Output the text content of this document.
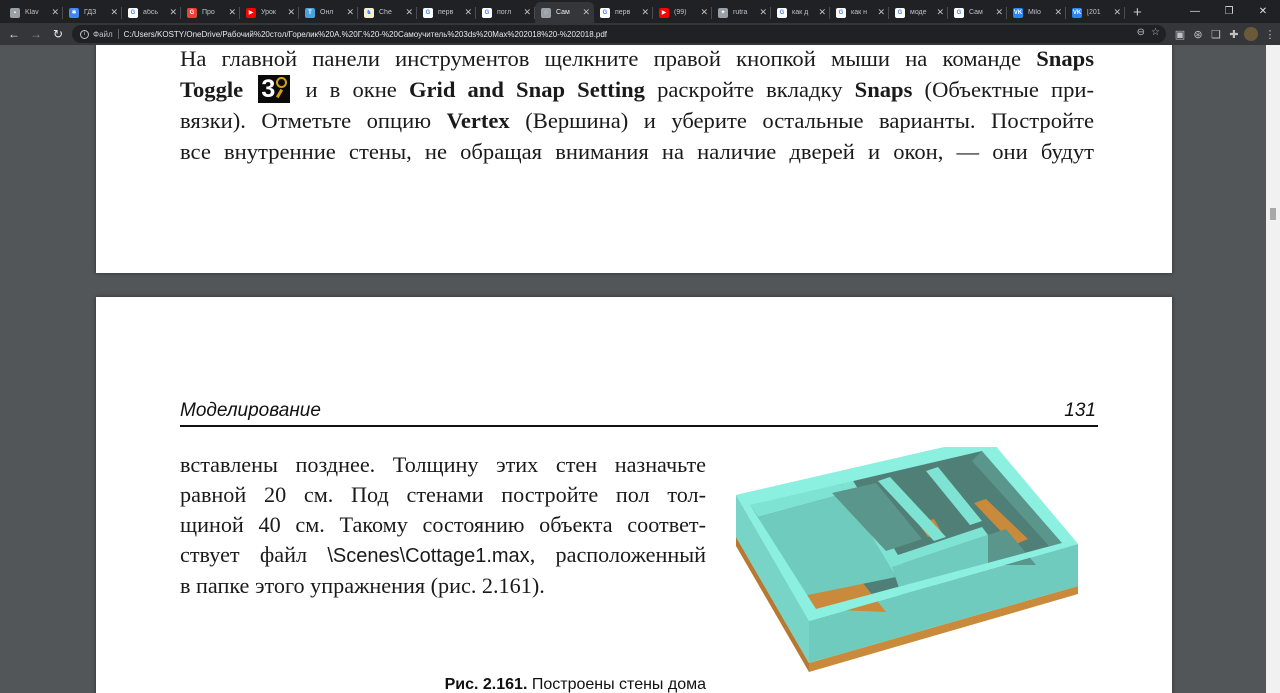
▪	Klav	✕	✱	ГДЗ	✕	G	абсь	✕	G	Про	✕	▶	Урок	✕	T	Онл	✕	♞	Che	✕	G	перв	✕	G	погл	✕	◌	Сам	✕	G	перв	✕	▶	(99)	✕	✦	rutra	✕	G	как д	✕	G	как н	✕	G	моде	✕	G	Сам	✕ VK Milo	✕ VK [201	✕ +	—	❐	✕
← → ↻	i Файл C:/Users/KOSTY/OneDrive/Рабочий%20стол/Горелик%20А.%20Г.%20-%20Самоучитель%203ds%20Max%202018%20-%202018.pdf	⊖ ☆ ▣ ⊛ ❏ ✚	⋮
На главной панели инструментов щелкните правой кнопкой мыши на команде Snaps
Toggle 3 и в окне Grid and Snap Setting раскройте вкладку Snaps (Объектные при-
вязки). Отметьте опцию Vertex (Вершина) и уберите остальные варианты. Постройте
все внутренние стены, не обращая внимания на наличие дверей и окон, — они будут
Моделирование	131
вставлены позднее. Толщину этих стен назначьте
равной 20 см. Под стенами постройте пол тол-
щиной 40 см. Такому состоянию объекта соответ-
ствует файл \Scenes\Cottage1.max, расположенный
в папке этого упражнения (рис. 2.161).
Рис. 2.161. Построены стены дома
